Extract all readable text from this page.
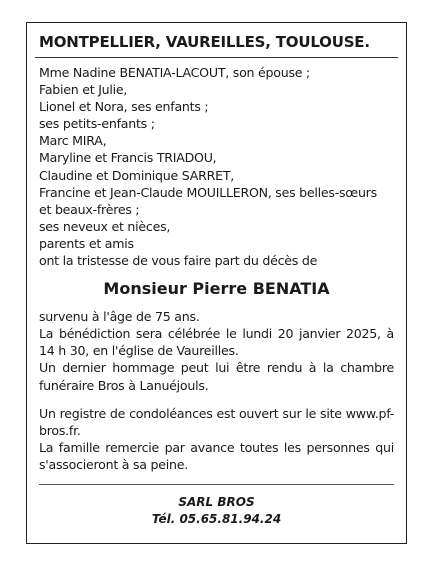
MONTPELLIER, VAUREILLES, TOULOUSE.
Mme Nadine BENATIA-LACOUT, son épouse ;
Fabien et Julie,
Lionel et Nora, ses enfants ;
ses petits-enfants ;
Marc MIRA,
Maryline et Francis TRIADOU,
Claudine et Dominique SARRET,
Francine et Jean-Claude MOUILLERON, ses belles-sœurs
et beaux-frères ;
ses neveux et nièces,
parents et amis
ont la tristesse de vous faire part du décès de
Monsieur Pierre BENATIA

survenu à l'âge de 75 ans.

La bénédiction sera célébrée le lundi 20 janvier 2025, à 14 h 30, en l'église de Vaureilles.

Un dernier hommage peut lui être rendu à la chambre funéraire Bros à Lanuéjouls.

Un registre de condoléances est ouvert sur le site www.pf-bros.fr.

La famille remercie par avance toutes les personnes qui s'associeront à sa peine.

SARL BROS
Tél. 05.65.81.94.24
